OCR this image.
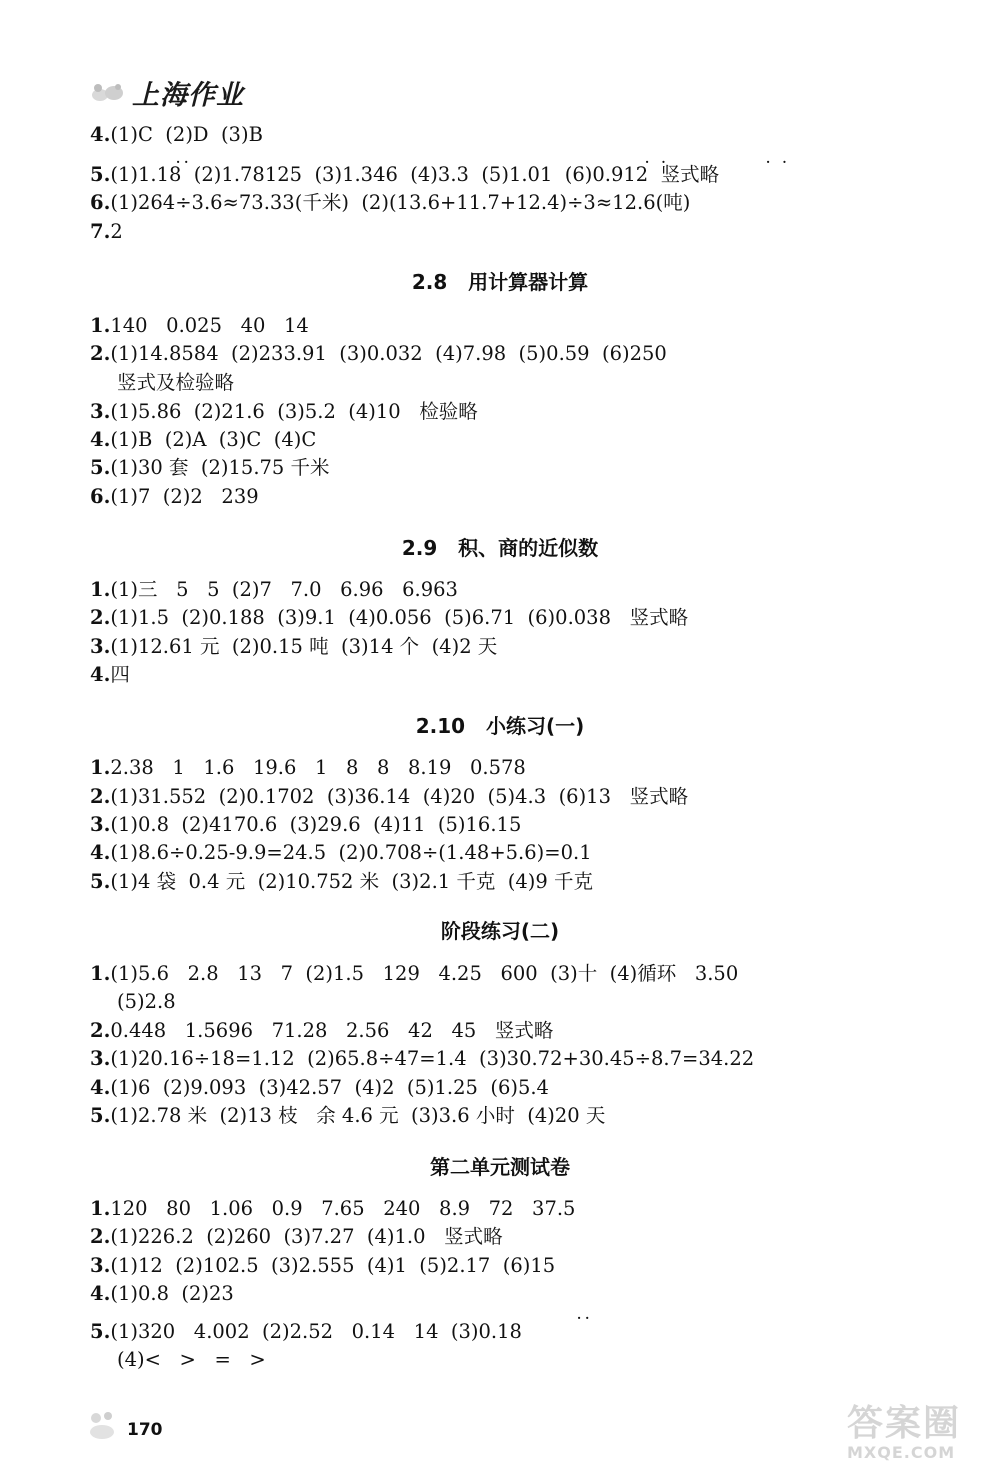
上海作业
4.(1)C  (2)D  (3)B
..	. .	. .
5.(1)1.18  (2)1.78125  (3)1.346  (4)3.3  (5)1.01  (6)0.912  竖式略
6.(1)264÷3.6≈73.33(千米)  (2)(13.6+11.7+12.4)÷3≈12.6(吨)
7.2
2.8   用计算器计算
1.140   0.025   40   14
2.(1)14.8584  (2)233.91  (3)0.032  (4)7.98  (5)0.59  (6)250
竖式及检验略
3.(1)5.86  (2)21.6  (3)5.2  (4)10   检验略
4.(1)B  (2)A  (3)C  (4)C
5.(1)30 套  (2)15.75 千米
6.(1)7  (2)2   239
2.9   积、商的近似数
1.(1)三   5   5  (2)7   7.0   6.96   6.963
2.(1)1.5  (2)0.188  (3)9.1  (4)0.056  (5)6.71  (6)0.038   竖式略
3.(1)12.61 元  (2)0.15 吨  (3)14 个  (4)2 天
4.四
2.10   小练习(一)
1.2.38   1   1.6   19.6   1   8   8   8.19   0.578
2.(1)31.552  (2)0.1702  (3)36.14  (4)20  (5)4.3  (6)13   竖式略
3.(1)0.8  (2)4170.6  (3)29.6  (4)11  (5)16.15
4.(1)8.6÷0.25-9.9=24.5  (2)0.708÷(1.48+5.6)=0.1
5.(1)4 袋  0.4 元  (2)10.752 米  (3)2.1 千克  (4)9 千克
阶段练习(二)
1.(1)5.6   2.8   13   7  (2)1.5   129   4.25   600  (3)十  (4)循环   3.50
(5)2.8
2.0.448   1.5696   71.28   2.56   42   45   竖式略
3.(1)20.16÷18=1.12  (2)65.8÷47=1.4  (3)30.72+30.45÷8.7=34.22
4.(1)6  (2)9.093  (3)42.57  (4)2  (5)1.25  (6)5.4
5.(1)2.78 米  (2)13 枝   余 4.6 元  (3)3.6 小时  (4)20 天
第二单元测试卷
1.120   80   1.06   0.9   7.65   240   8.9   72   37.5
2.(1)226.2  (2)260  (3)7.27  (4)1.0   竖式略
3.(1)12  (2)102.5  (3)2.555  (4)1  (5)2.17  (6)15
4.(1)0.8  (2)23
..
5.(1)320   4.002  (2)2.52   0.14   14  (3)0.18
(4)<   >   =   >
170	答案圈
MXQE.COM
